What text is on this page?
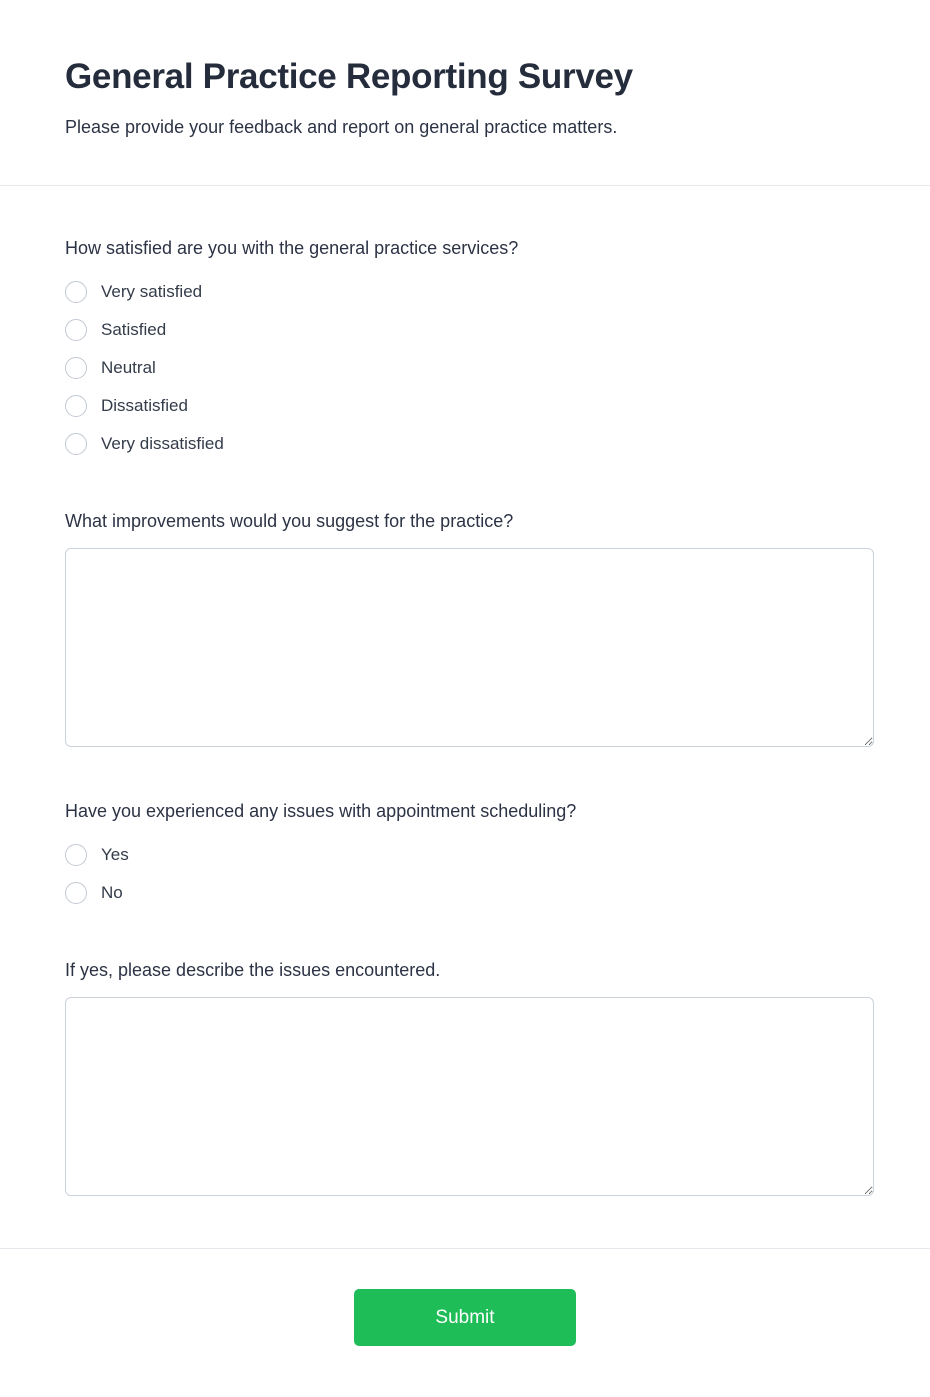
General Practice Reporting Survey

Please provide your feedback and report on general practice matters.

How satisfied are you with the general practice services?
Very satisfied
Satisfied
Neutral
Dissatisfied
Very dissatisfied
What improvements would you suggest for the practice?
Have you experienced any issues with appointment scheduling?
Yes
No
If yes, please describe the issues encountered.
Submit
